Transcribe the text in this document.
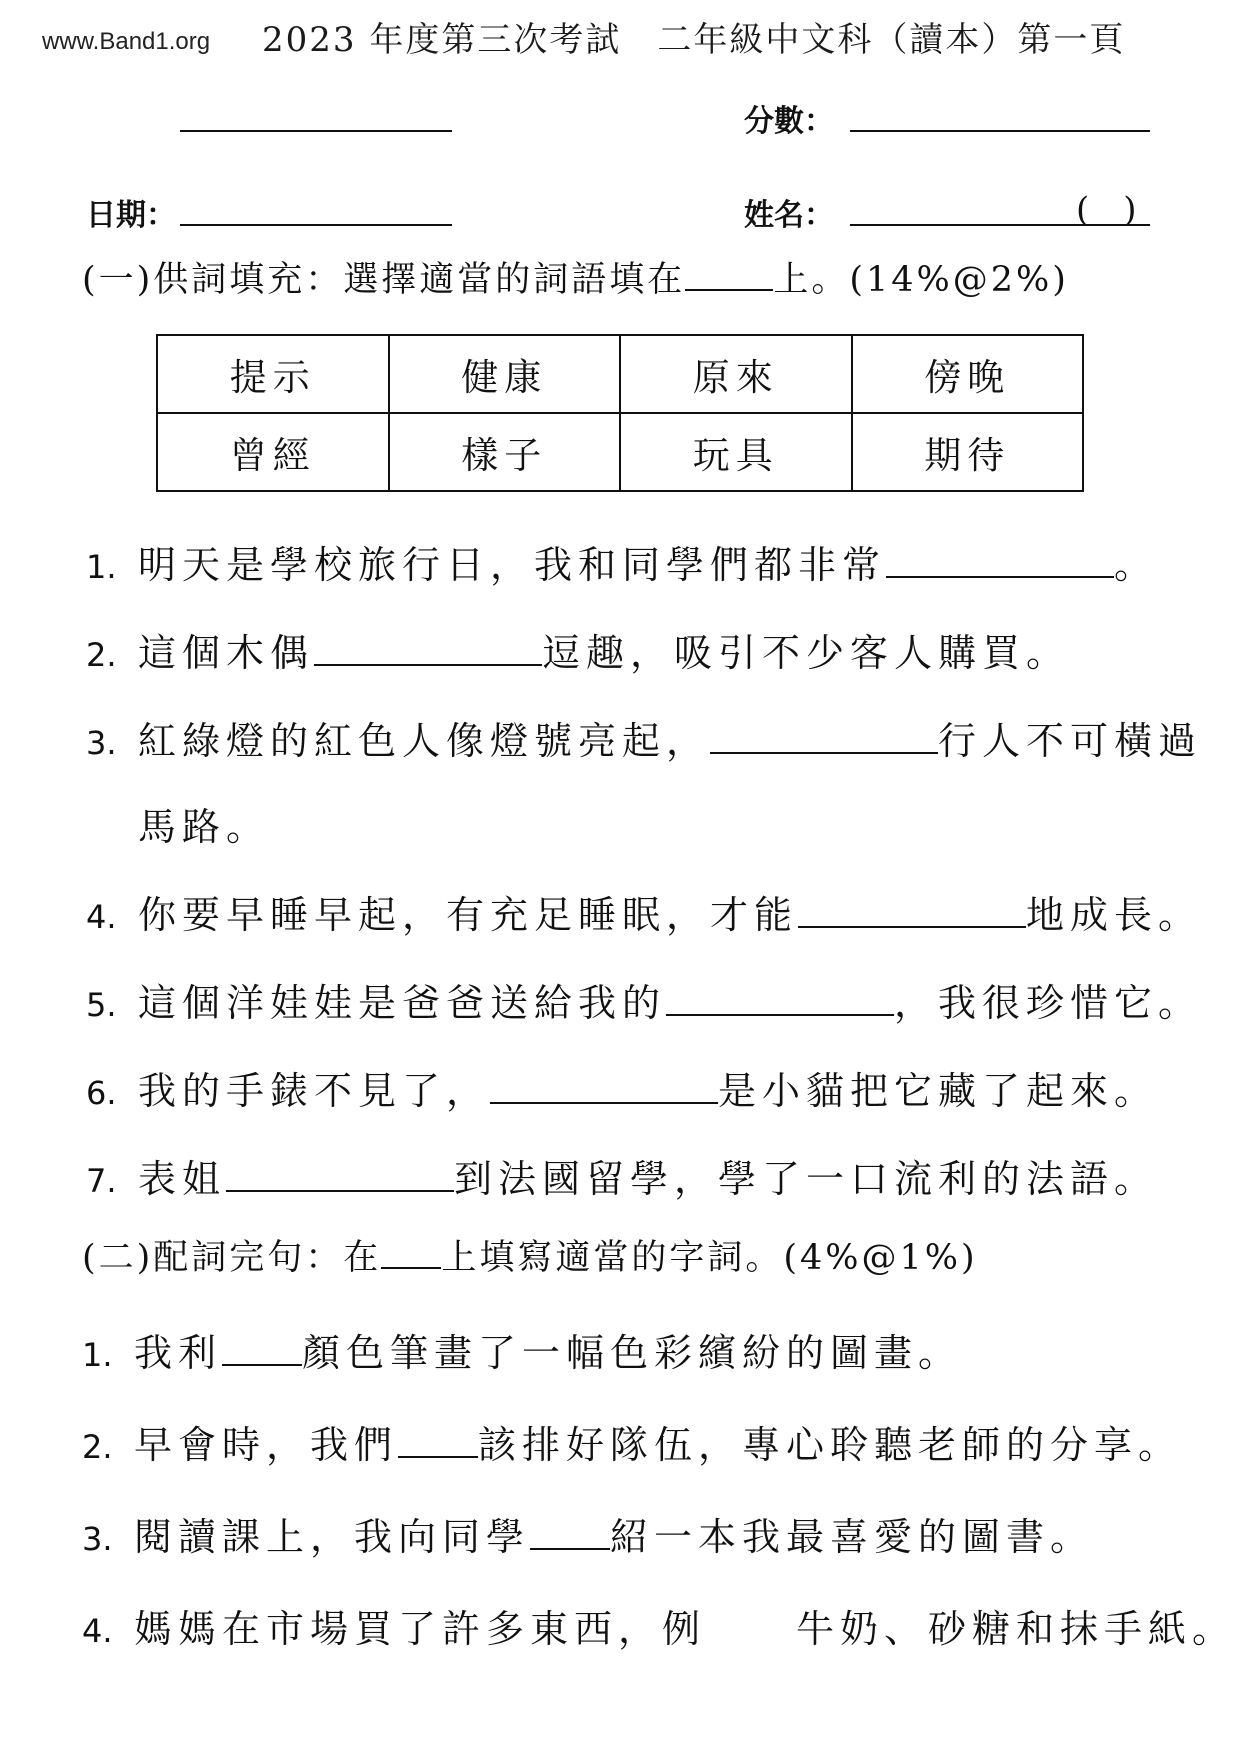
www.Band1.org 2023 年度第三次考試　二年級中文科（讀本）第一頁
分數：
日期：	姓名：	(　)
(一)供詞填充：選擇適當的詞語填在	上。(14%@2%)
提示	健康	原來	傍晚
曾經	樣子	玩具	期待
1. 明天是學校旅行日，我和同學們都非常	。
2. 這個木偶	逗趣，吸引不少客人購買。
3. 紅綠燈的紅色人像燈號亮起，	行人不可橫過
馬路。
4. 你要早睡早起，有充足睡眠，才能	地成長。
5. 這個洋娃娃是爸爸送給我的	，我很珍惜它。
6. 我的手錶不見了，	是小貓把它藏了起來。
7. 表姐	到法國留學，學了一口流利的法語。
(二)配詞完句：在 上填寫適當的字詞。(4%@1%)
1. 我利 顏色筆畫了一幅色彩繽紛的圖畫。
2. 早會時，我們 該排好隊伍，專心聆聽老師的分享。
3. 閱讀課上，我向同學 紹一本我最喜愛的圖書。
4. 媽媽在市場買了許多東西，例 牛奶、砂糖和抹手紙。
